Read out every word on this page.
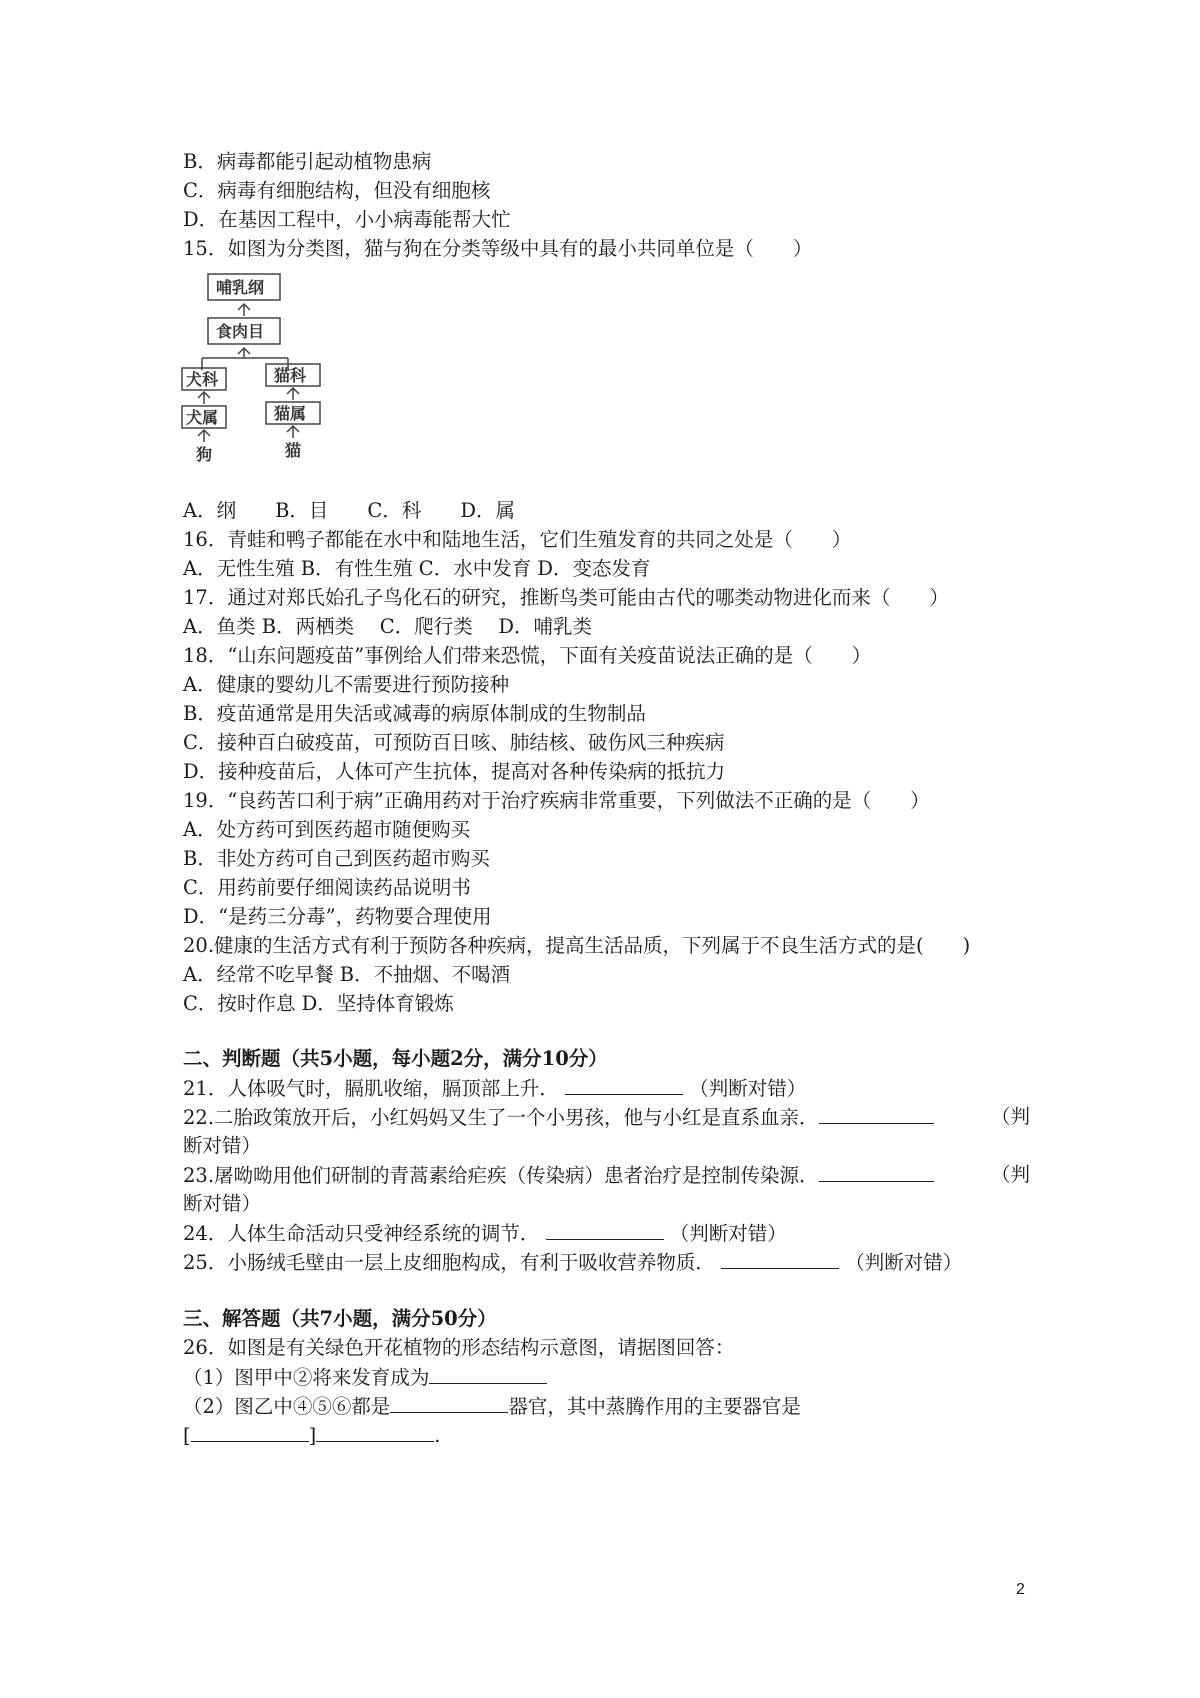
B．病毒都能引起动植物患病
C．病毒有细胞结构，但没有细胞核
D．在基因工程中，小小病毒能帮大忙
15．如图为分类图，猫与狗在分类等级中具有的最小共同单位是（　　）
哺乳纲
食肉目
犬科	猫科
犬属	猫属
狗	猫
A．纲　　B．目　　C．科　　D．属
16．青蛙和鸭子都能在水中和陆地生活，它们生殖发育的共同之处是（　　）
A．无性生殖 B．有性生殖 C．水中发育 D．变态发育
17．通过对郑氏始孔子鸟化石的研究，推断鸟类可能由古代的哪类动物进化而来（　　）
A．鱼类 B．两栖类　 C．爬行类　 D．哺乳类
18．“山东问题疫苗”事例给人们带来恐慌，下面有关疫苗说法正确的是（　　）
A．健康的婴幼儿不需要进行预防接种
B．疫苗通常是用失活或减毒的病原体制成的生物制品
C．接种百白破疫苗，可预防百日咳、肺结核、破伤风三种疾病
D．接种疫苗后，人体可产生抗体，提高对各种传染病的抵抗力
19．“良药苦口利于病”正确用药对于治疗疾病非常重要，下列做法不正确的是（　　）
A．处方药可到医药超市随便购买
B．非处方药可自己到医药超市购买
C．用药前要仔细阅读药品说明书
D．“是药三分毒”，药物要合理使用
20.健康的生活方式有利于预防各种疾病，提高生活品质，下列属于不良生活方式的是(　　)
A．经常不吃早餐 B．不抽烟、不喝酒
C．按时作息 D．坚持体育锻炼
二、判断题（共5小题，每小题2分，满分10分）
21．人体吸气时，膈肌收缩，膈顶部上升．	（判断对错）
22.二胎政策放开后，小红妈妈又生了一个小男孩，他与小红是直系血亲．	（判
断对错）
23.屠呦呦用他们研制的青蒿素给疟疾（传染病）患者治疗是控制传染源．	（判
断对错）
24．人体生命活动只受神经系统的调节．	（判断对错）
25．小肠绒毛壁由一层上皮细胞构成，有利于吸收营养物质．	（判断对错）
三、解答题（共7小题，满分50分）
26．如图是有关绿色开花植物的形态结构示意图，请据图回答：
（1）图甲中②将来发育成为
（2）图乙中④⑤⑥都是	器官，其中蒸腾作用的主要器官是
[	]	.
2
